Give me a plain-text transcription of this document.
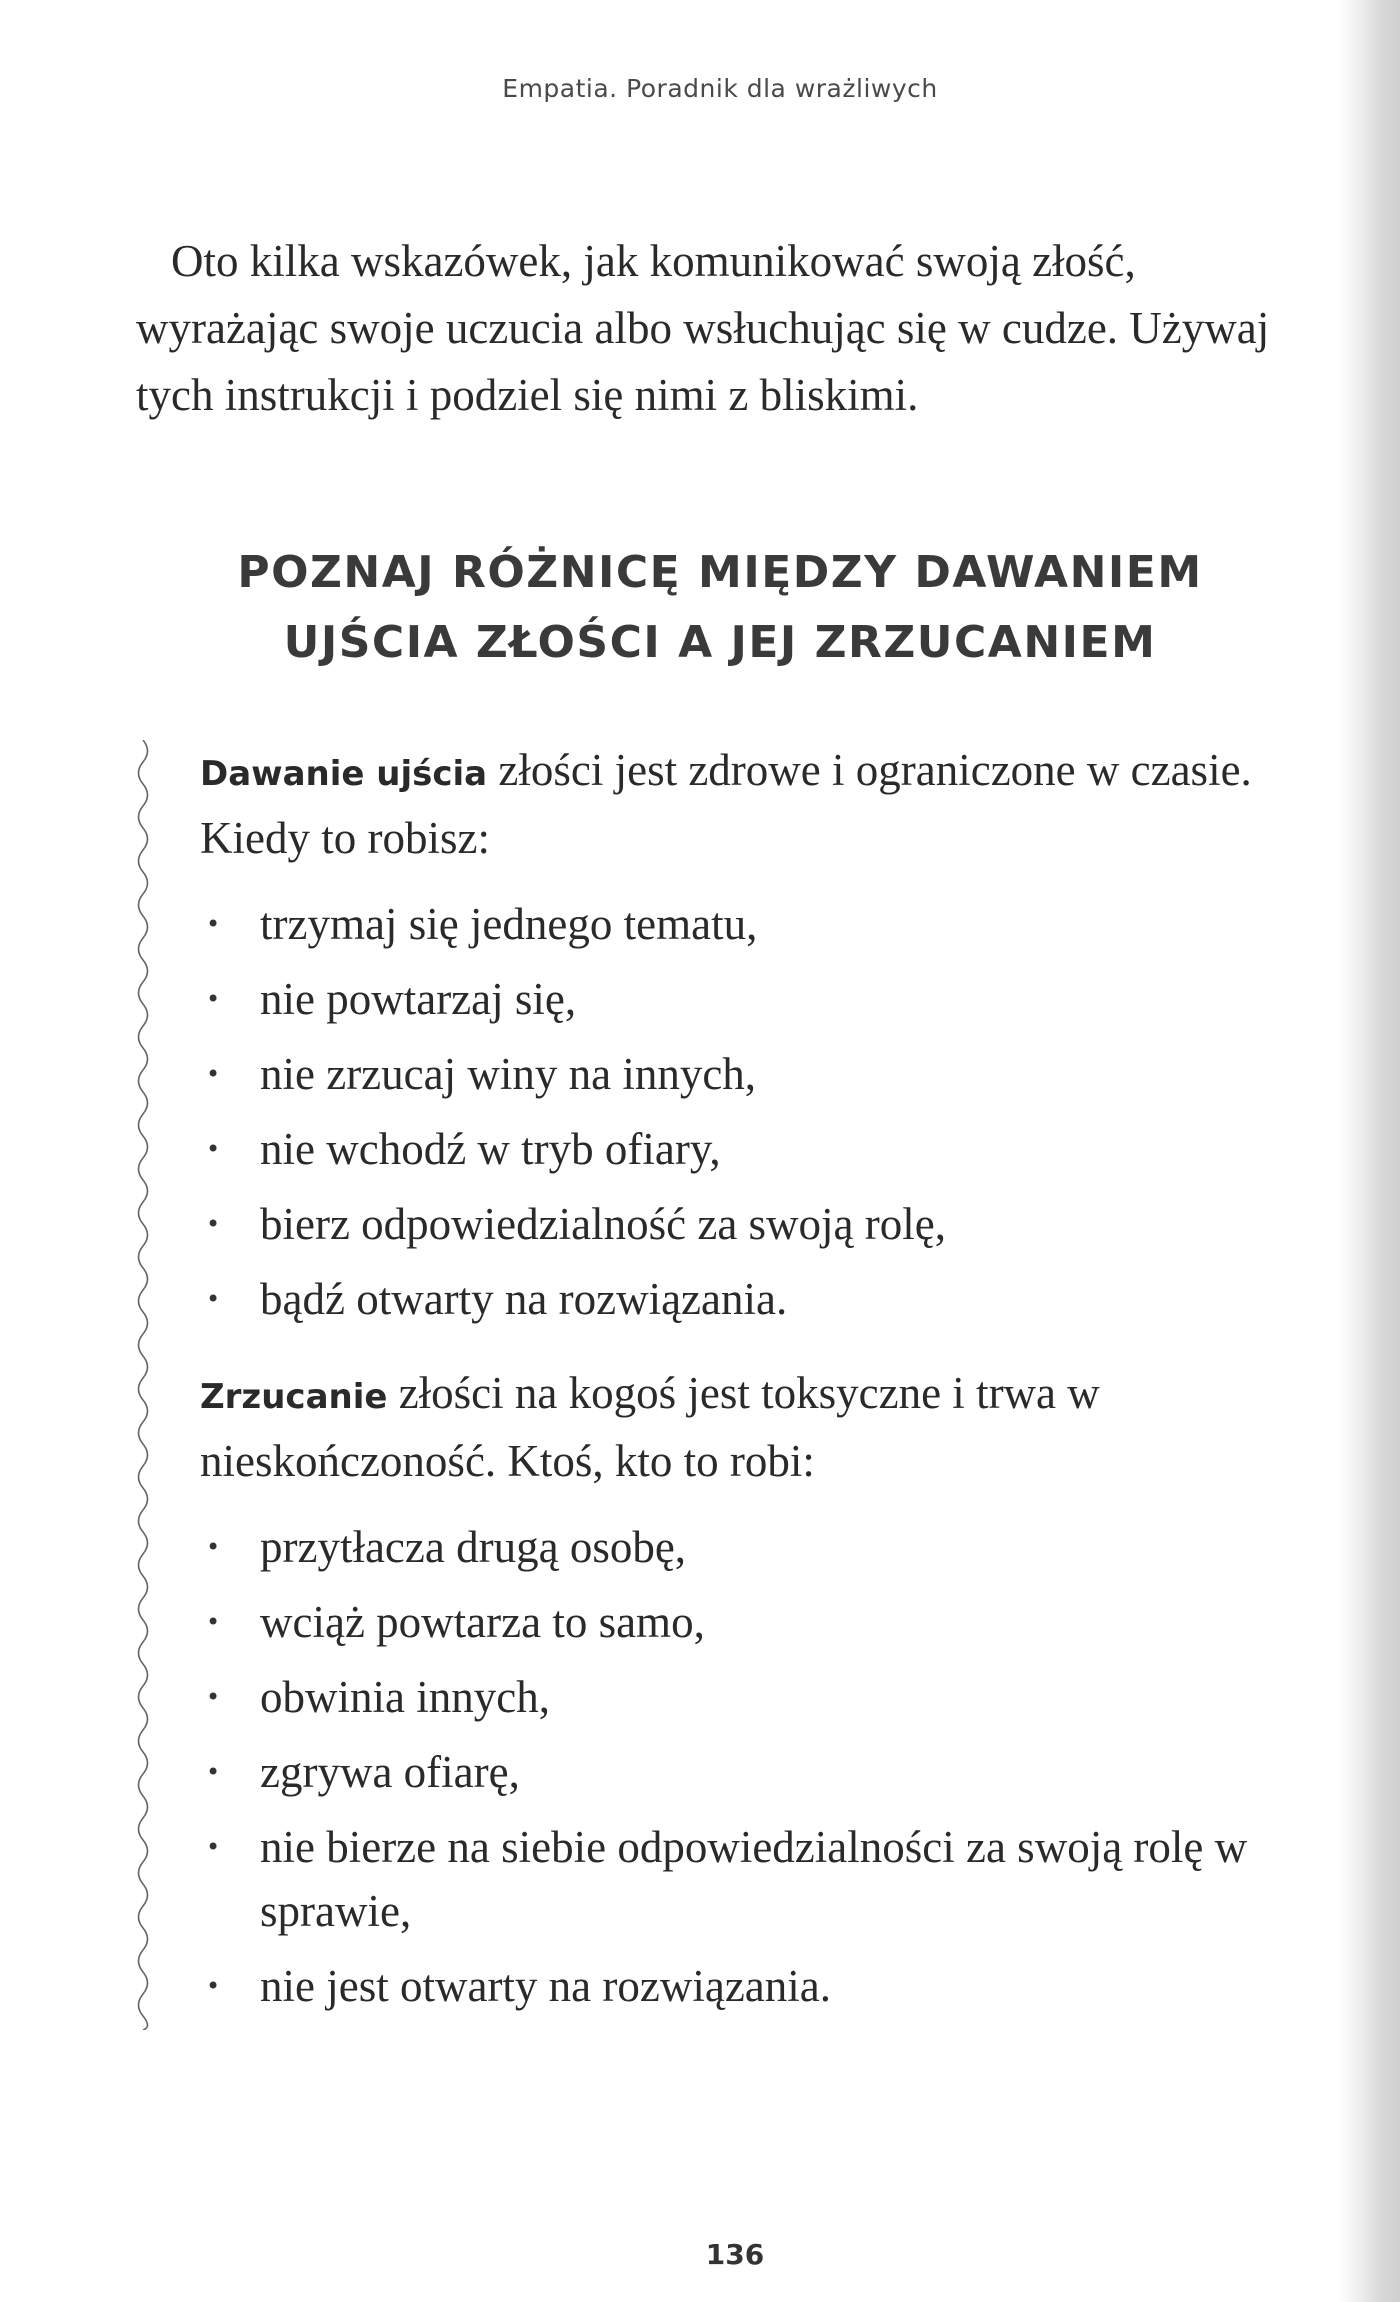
Empatia. Poradnik dla wrażliwych

Oto kilka wskazówek, jak komunikować swoją złość, wyrażając swoje uczucia albo wsłuchując się w cudze. Używaj tych instrukcji i podziel się nimi z bliskimi.

POZNAJ RÓŻNICĘ MIĘDZY DAWANIEM
UJŚCIA ZŁOŚCI A JEJ ZRZUCANIEM

Dawanie ujścia złości jest zdrowe i ograniczone w czasie. Kiedy to robisz:

• trzymaj się jednego tematu,
• nie powtarzaj się,
• nie zrzucaj winy na innych,
• nie wchodź w tryb ofiary,
• bierz odpowiedzialność za swoją rolę,
• bądź otwarty na rozwiązania.

Zrzucanie złości na kogoś jest toksyczne i trwa w nieskończoność. Ktoś, kto to robi:

• przytłacza drugą osobę,
• wciąż powtarza to samo,
• obwinia innych,
• zgrywa ofiarę,
• nie bierze na siebie odpowiedzialności za swoją rolę w sprawie,
• nie jest otwarty na rozwiązania.
136
